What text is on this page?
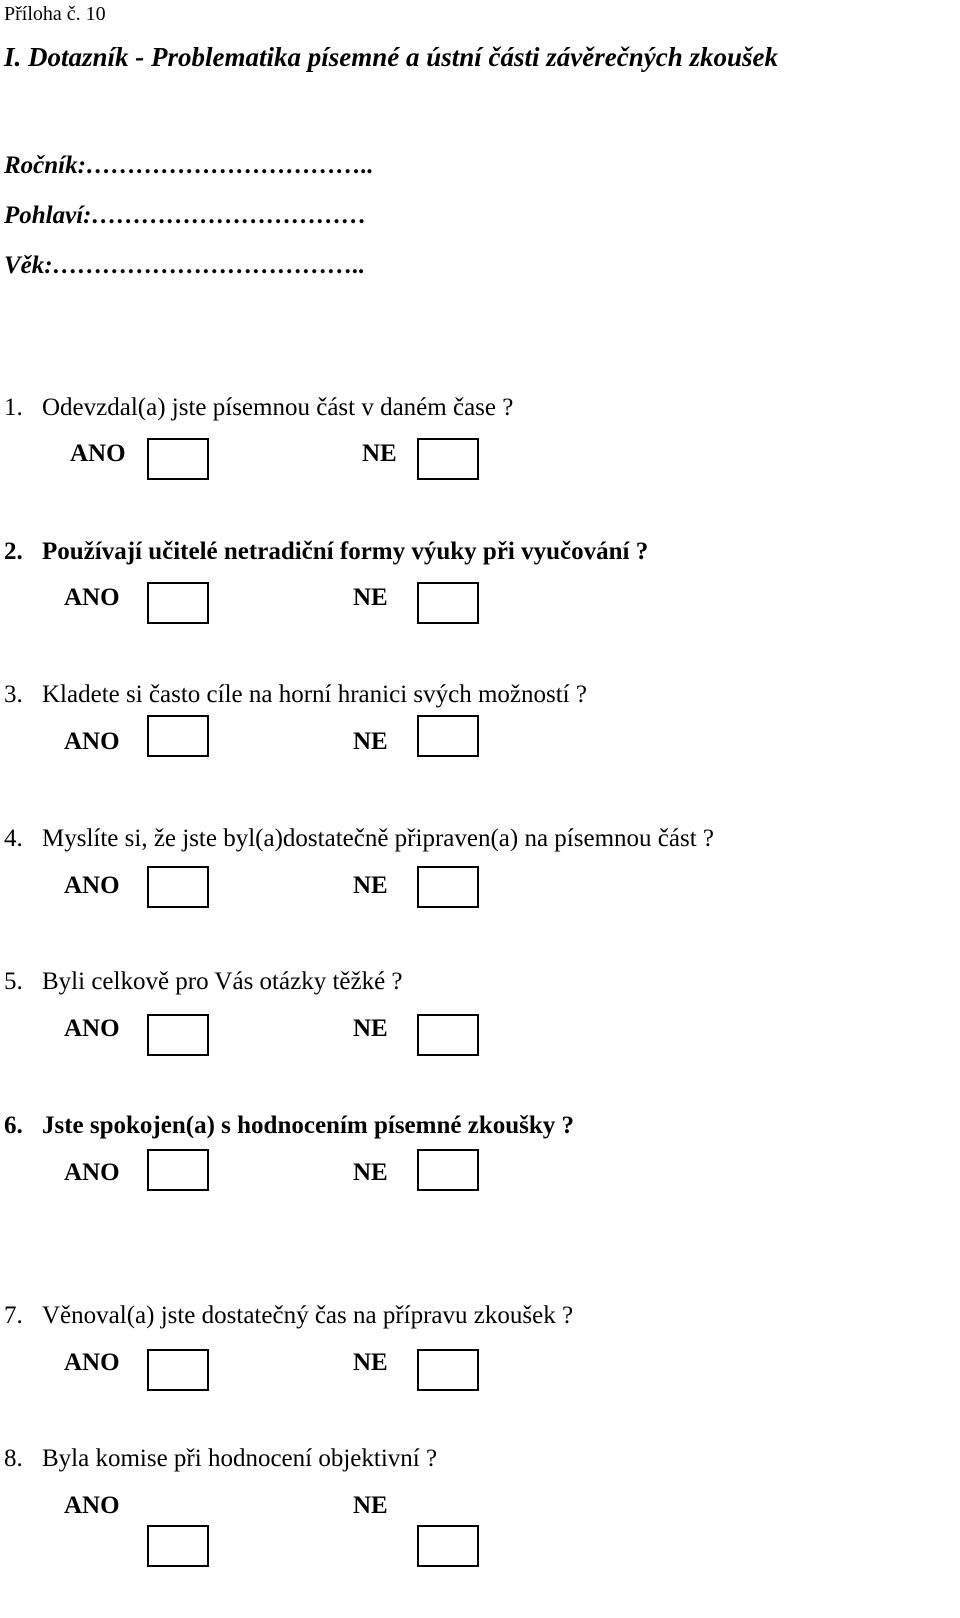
Příloha č. 10
I. Dotazník - Problematika písemné a ústní části závěrečných zkoušek
Ročník:……………………………..
Pohlaví:……………………………
Věk:………………………………..
1. Odevzdal(a) jste písemnou část v daném čase ?
ANO	NE
2. Používají učitelé netradiční formy výuky při vyučování ?
ANO	NE
3. Kladete si často cíle na horní hranici svých možností ?
ANO	NE
4. Myslíte si, že jste byl(a)dostatečně připraven(a) na písemnou část ?
ANO	NE
5. Byli celkově pro Vás otázky těžké ?
ANO	NE
6. Jste spokojen(a) s hodnocením písemné zkoušky ?
ANO	NE
7. Věnoval(a) jste dostatečný čas na přípravu zkoušek ?
ANO	NE
8. Byla komise při hodnocení objektivní ?
ANO	NE
